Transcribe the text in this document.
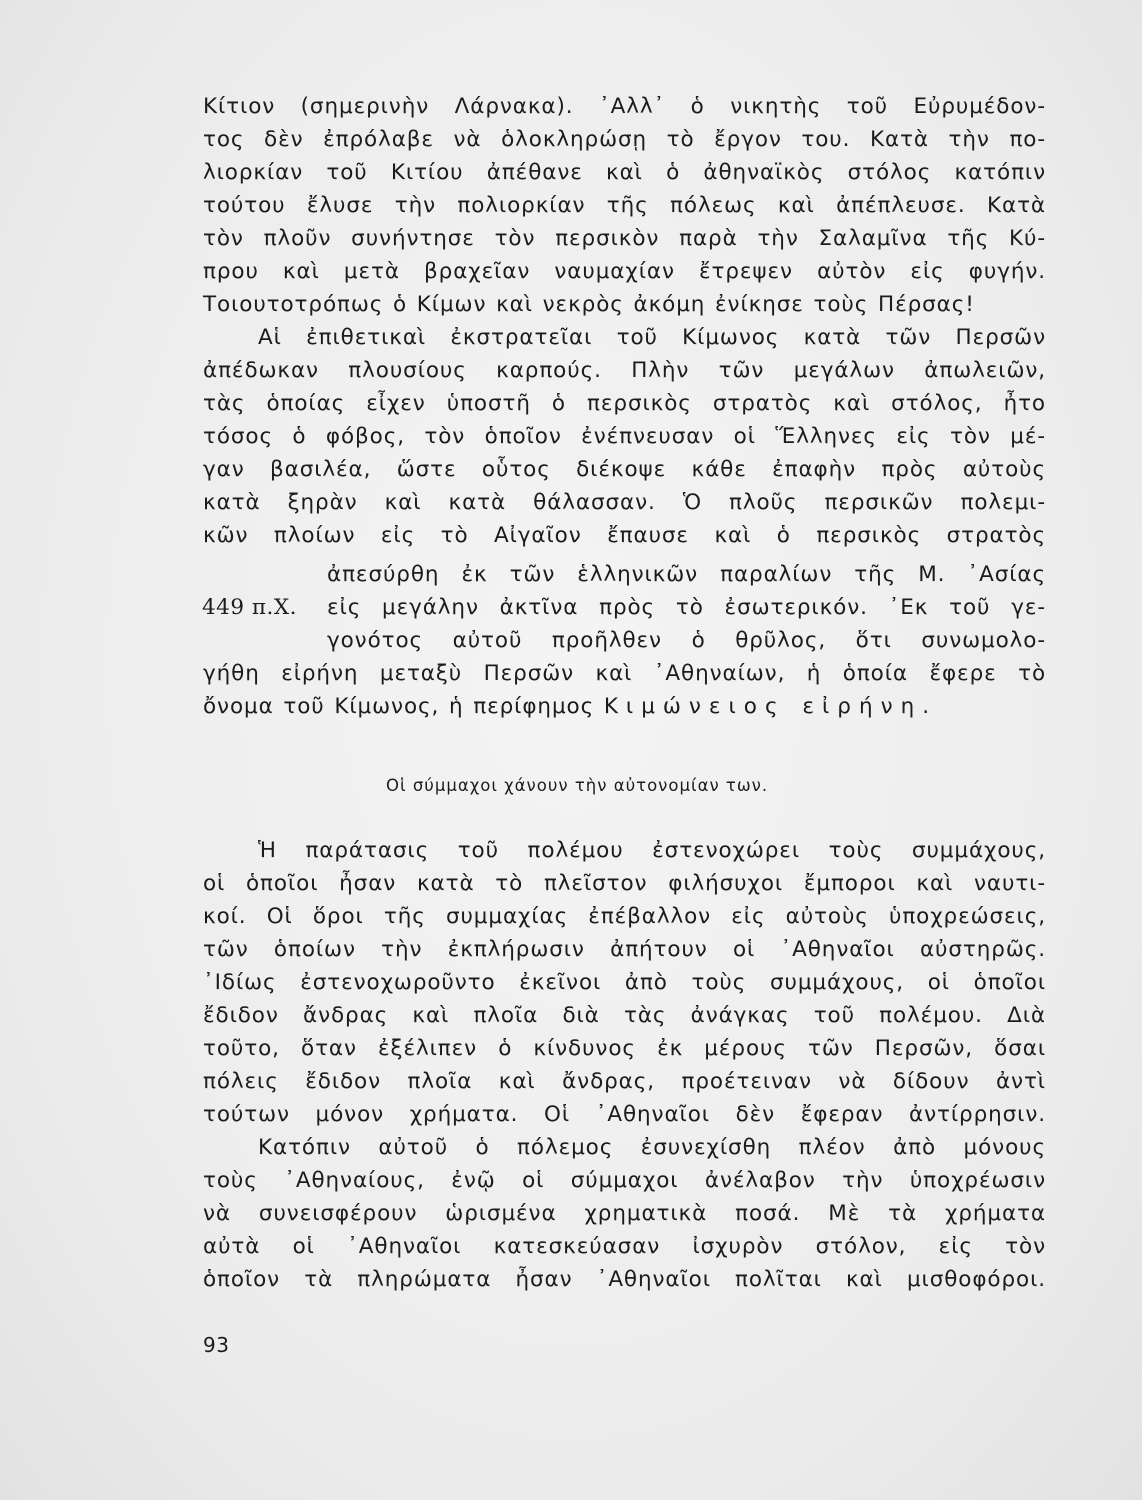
Κίτιον (σημερινὴν Λάρνακα). ᾿Αλλ᾿ ὁ νικητὴς τοῦ Εὐρυμέδον-
τος δὲν ἐπρόλαβε νὰ ὁλοκληρώσῃ τὸ ἔργον του. Κατὰ τὴν πο-
λιορκίαν τοῦ Κιτίου ἀπέθανε καὶ ὁ ἀθηναϊκὸς στόλος κατόπιν
τούτου ἔλυσε τὴν πολιορκίαν τῆς πόλεως καὶ ἀπέπλευσε. Κατὰ
τὸν πλοῦν συνήντησε τὸν περσικὸν παρὰ τὴν Σαλαμῖνα τῆς Κύ-
πρου καὶ μετὰ βραχεῖαν ναυμαχίαν ἔτρεψεν αὐτὸν εἰς φυγήν.
Τοιουτοτρόπως ὁ Κίμων καὶ νεκρὸς ἀκόμη ἐνίκησε τοὺς Πέρσας!
Αἱ ἐπιθετικαὶ ἐκστρατεῖαι τοῦ Κίμωνος κατὰ τῶν Περσῶν
ἀπέδωκαν πλουσίους καρπούς. Πλὴν τῶν μεγάλων ἀπωλειῶν,
τὰς ὁποίας εἶχεν ὑποστῆ ὁ περσικὸς στρατὸς καὶ στόλος, ἦτο
τόσος ὁ φόβος, τὸν ὁποῖον ἐνέπνευσαν οἱ Ἕλληνες εἰς τὸν μέ-
γαν βασιλέα, ὥστε οὗτος διέκοψε κάθε ἐπαφὴν πρὸς αὐτοὺς
κατὰ ξηρὰν καὶ κατὰ θάλασσαν. Ὁ πλοῦς περσικῶν πολεμι-
κῶν πλοίων εἰς τὸ Αἰγαῖον ἔπαυσε καὶ ὁ περσικὸς στρατὸς
ἀπεσύρθη ἐκ τῶν ἑλληνικῶν παραλίων τῆς Μ. ᾿Ασίας
εἰς μεγάλην ἀκτῖνα πρὸς τὸ ἐσωτερικόν. ᾿Εκ τοῦ γε-
γονότος αὐτοῦ προῆλθεν ὁ θρῦλος, ὅτι συνωμολο-
γήθη εἰρήνη μεταξὺ Περσῶν καὶ ᾿Αθηναίων, ἡ ὁποία ἔφερε τὸ
ὄνομα τοῦ Κίμωνος, ἡ περίφημος Κιμώνειος εἰρήνη.
449 π.Χ.
Οἱ σύμμαχοι χάνουν τὴν αὐτονομίαν των.
Ἡ παράτασις τοῦ πολέμου ἐστενοχώρει τοὺς συμμάχους,
οἱ ὁποῖοι ἦσαν κατὰ τὸ πλεῖστον φιλήσυχοι ἔμποροι καὶ ναυτι-
κοί. Οἱ ὅροι τῆς συμμαχίας ἐπέβαλλον εἰς αὐτοὺς ὑποχρεώσεις,
τῶν ὁποίων τὴν ἐκπλήρωσιν ἀπήτουν οἱ ᾿Αθηναῖοι αὐστηρῶς.
᾿Ιδίως ἐστενοχωροῦντο ἐκεῖνοι ἀπὸ τοὺς συμμάχους, οἱ ὁποῖοι
ἔδιδον ἄνδρας καὶ πλοῖα διὰ τὰς ἀνάγκας τοῦ πολέμου. Διὰ
τοῦτο, ὅταν ἐξέλιπεν ὁ κίνδυνος ἐκ μέρους τῶν Περσῶν, ὅσαι
πόλεις ἔδιδον πλοῖα καὶ ἄνδρας, προέτειναν νὰ δίδουν ἀντὶ
τούτων μόνον χρήματα. Οἱ ᾿Αθηναῖοι δὲν ἔφεραν ἀντίρρησιν.
Κατόπιν αὐτοῦ ὁ πόλεμος ἐσυνεχίσθη πλέον ἀπὸ μόνους
τοὺς ᾿Αθηναίους, ἐνῷ οἱ σύμμαχοι ἀνέλαβον τὴν ὑποχρέωσιν
νὰ συνεισφέρουν ὡρισμένα χρηματικὰ ποσά. Μὲ τὰ χρήματα
αὐτὰ οἱ ᾿Αθηναῖοι κατεσκεύασαν ἰσχυρὸν στόλον, εἰς τὸν
ὁποῖον τὰ πληρώματα ἦσαν ᾿Αθηναῖοι πολῖται καὶ μισθοφόροι.
93
